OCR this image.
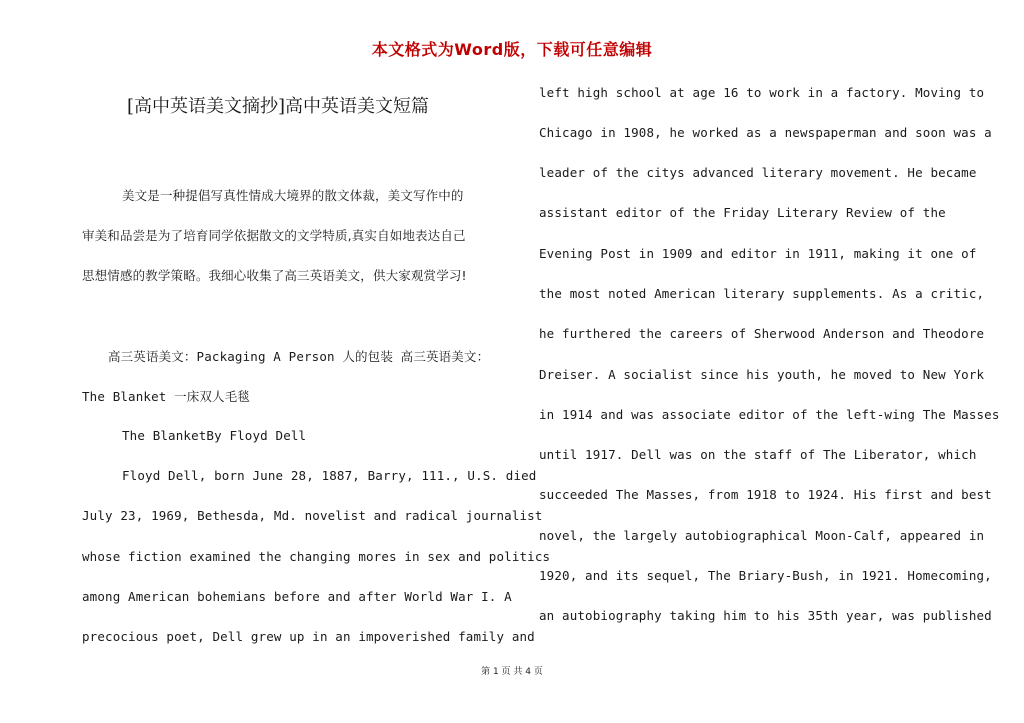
本文格式为Word版，下载可任意编辑
[高中英语美文摘抄]高中英语美文短篇
美文是一种提倡写真性情成大境界的散文体裁，美文写作中的
审美和品尝是为了培育同学依据散文的文学特质,真实自如地表达自己
思想情感的教学策略。我细心收集了高三英语美文，供大家观赏学习!
高三英语美文：Packaging A Person 人的包装 高三英语美文：
The Blanket 一床双人毛毯
The BlanketBy Floyd Dell
Floyd Dell, born June 28, 1887, Barry, 111., U.S. died
July 23, 1969, Bethesda, Md. novelist and radical journalist
whose fiction examined the changing mores in sex and politics
among American bohemians before and after World War I. A
precocious poet, Dell grew up in an impoverished family and
left high school at age 16 to work in a factory. Moving to
Chicago in 1908, he worked as a newspaperman and soon was a
leader of the citys advanced literary movement. He became
assistant editor of the Friday Literary Review of the
Evening Post in 1909 and editor in 1911, making it one of
the most noted American literary supplements. As a critic,
he furthered the careers of Sherwood Anderson and Theodore
Dreiser. A socialist since his youth, he moved to New York
in 1914 and was associate editor of the left-wing The Masses
until 1917. Dell was on the staff of The Liberator, which
succeeded The Masses, from 1918 to 1924. His first and best
novel, the largely autobiographical Moon-Calf, appeared in
1920, and its sequel, The Briary-Bush, in 1921. Homecoming,
an autobiography taking him to his 35th year, was published
第 1 页 共 4 页
